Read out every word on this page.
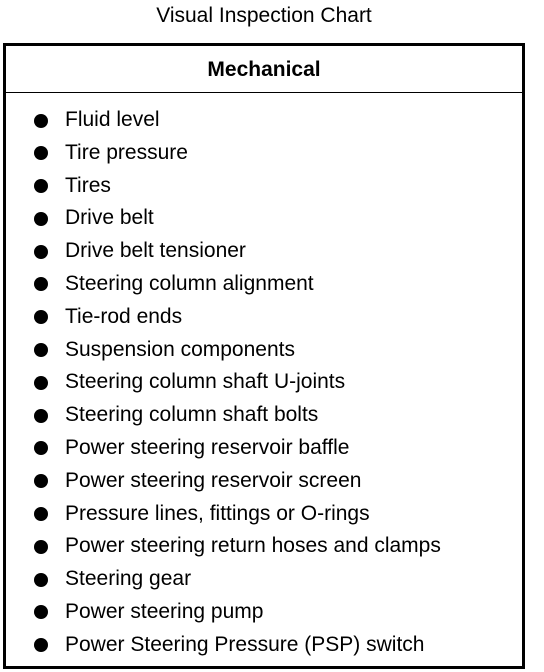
Visual Inspection Chart
Mechanical
Fluid level
Tire pressure
Tires
Drive belt
Drive belt tensioner
Steering column alignment
Tie-rod ends
Suspension components
Steering column shaft U-joints
Steering column shaft bolts
Power steering reservoir baffle
Power steering reservoir screen
Pressure lines, fittings or O-rings
Power steering return hoses and clamps
Steering gear
Power steering pump
Power Steering Pressure (PSP) switch
